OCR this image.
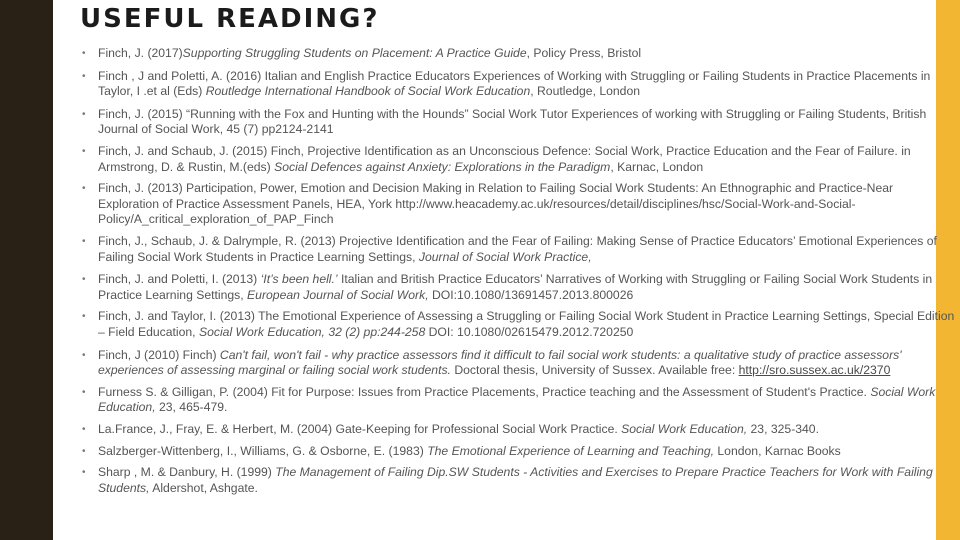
USEFUL READING?
• Finch, J. (2017)Supporting Struggling Students on Placement: A Practice Guide, Policy Press, Bristol
• Finch , J and Poletti, A. (2016) Italian and English Practice Educators Experiences of Working with Struggling or Failing Students in Practice Placements in Taylor, I .et al (Eds) Routledge International Handbook of Social Work Education, Routledge, London
• Finch, J. (2015) “Running with the Fox and Hunting with the Hounds” Social Work Tutor Experiences of working with Struggling or Failing Students, British Journal of Social Work, 45 (7) pp2124-2141
• Finch, J. and Schaub, J. (2015) Finch, Projective Identification as an Unconscious Defence: Social Work, Practice Education and the Fear of Failure. in Armstrong, D. & Rustin, M.(eds) Social Defences against Anxiety: Explorations in the Paradigm, Karnac, London
• Finch, J. (2013) Participation, Power, Emotion and Decision Making in Relation to Failing Social Work Students: An Ethnographic and Practice-Near Exploration of Practice Assessment Panels, HEA, York http://www.heacademy.ac.uk/resources/detail/disciplines/hsc/Social-Work-and-Social-Policy/A_critical_exploration_of_PAP_Finch
• Finch, J., Schaub, J. & Dalrymple, R. (2013) Projective Identification and the Fear of Failing: Making Sense of Practice Educators’ Emotional Experiences of Failing Social Work Students in Practice Learning Settings, Journal of Social Work Practice,
• Finch, J. and Poletti, I. (2013) ‘It’s been hell.’ Italian and British Practice Educators’ Narratives of Working with Struggling or Failing Social Work Students in Practice Learning Settings, European Journal of Social Work, DOI:10.1080/13691457.2013.800026
• Finch, J. and Taylor, I. (2013) The Emotional Experience of Assessing a Struggling or Failing Social Work Student in Practice Learning Settings, Special Edition – Field Education, Social Work Education, 32 (2) pp:244-258 DOI: 10.1080/02615479.2012.720250
• Finch, J (2010) Finch) Can't fail, won't fail - why practice assessors find it difficult to fail social work students: a qualitative study of practice assessors' experiences of assessing marginal or failing social work students. Doctoral thesis, University of Sussex. Available free: http://sro.sussex.ac.uk/2370
• Furness S. & Gilligan, P. (2004) Fit for Purpose: Issues from Practice Placements, Practice teaching and the Assessment of Student's Practice. Social Work Education, 23, 465-479.
• La.France, J., Fray, E. & Herbert, M. (2004) Gate-Keeping for Professional Social Work Practice. Social Work Education, 23, 325-340.
• Salzberger-Wittenberg, I., Williams, G. & Osborne, E. (1983) The Emotional Experience of Learning and Teaching, London, Karnac Books
• Sharp , M. & Danbury, H. (1999) The Management of Failing Dip.SW Students - Activities and Exercises to Prepare Practice Teachers for Work with Failing Students, Aldershot, Ashgate.
